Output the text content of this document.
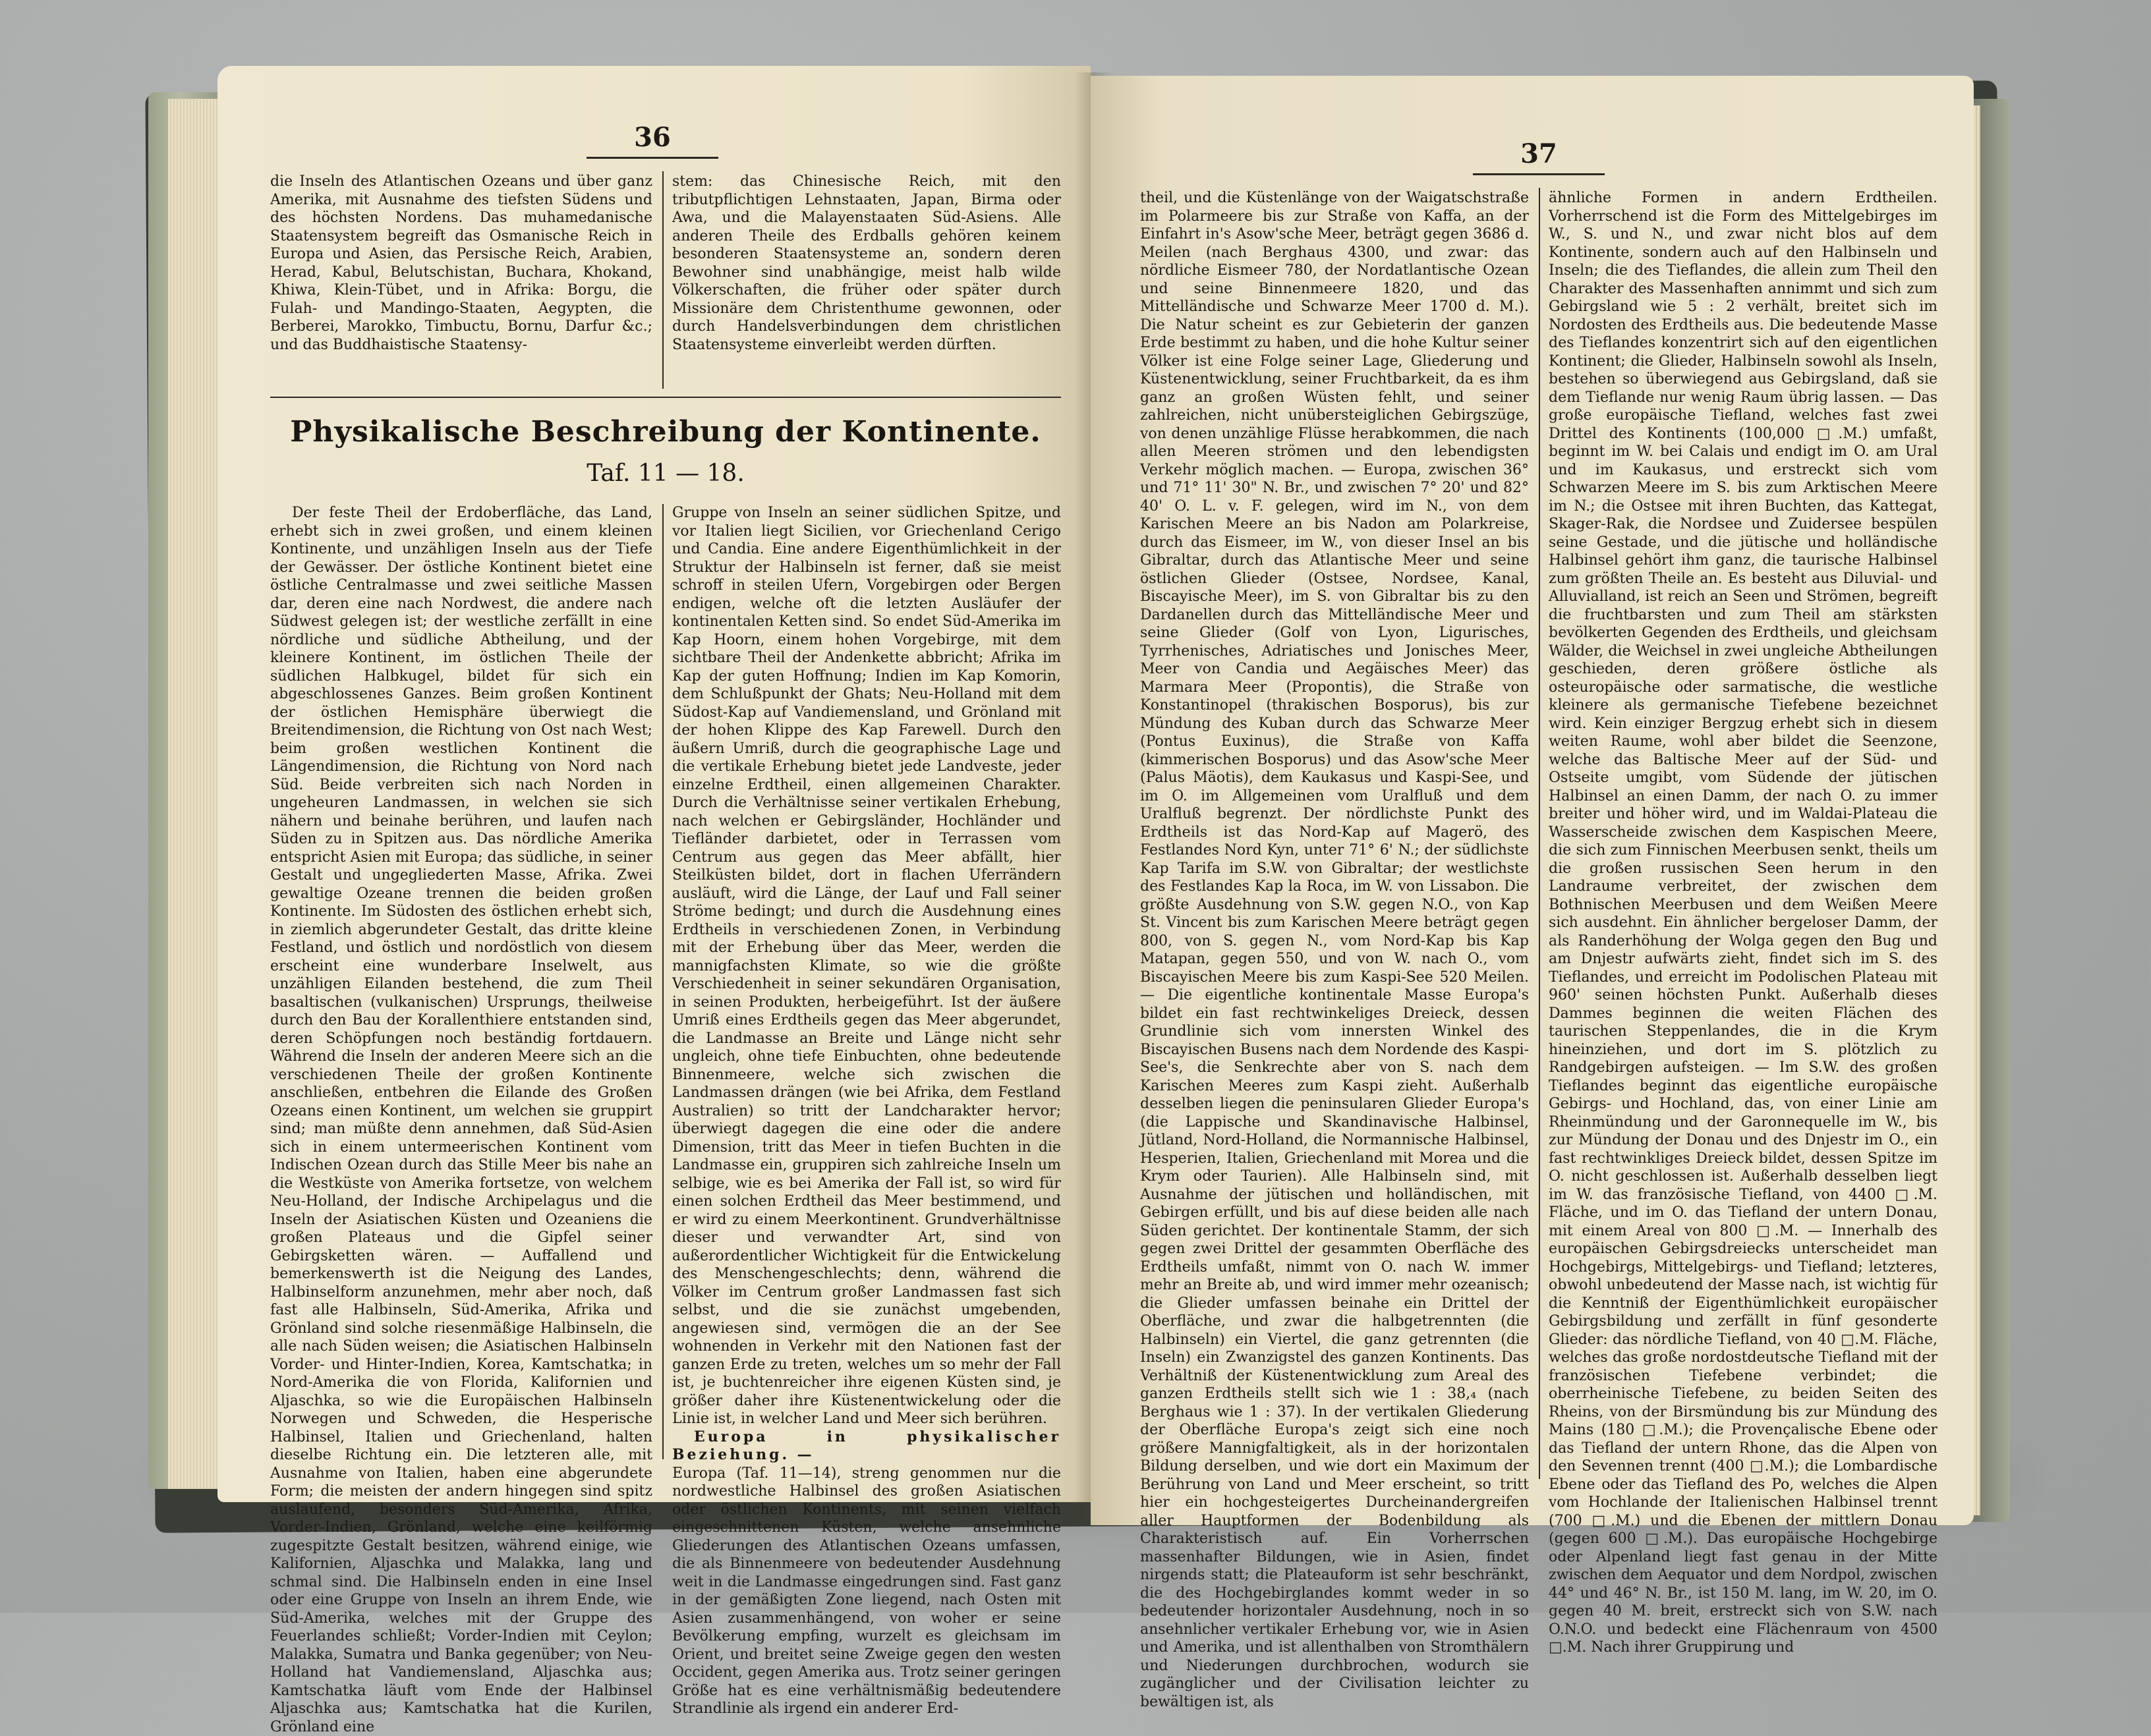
36

die Inseln des Atlantischen Ozeans und über ganz Amerika, mit Ausnahme des tiefsten Südens und des höchsten Nordens. Das muhamedanische Staatensystem begreift das Osmanische Reich in Europa und Asien, das Persische Reich, Arabien, Herad, Kabul, Belutschistan, Buchara, Khokand, Khiwa, Klein-Tübet, und in Afrika: Borgu, die Fulah- und Mandingo-Staaten, Aegypten, die Berberei, Marokko, Timbuctu, Bornu, Darfur &c.; und das Buddhaistische Staatensy-

stem: das Chinesische Reich, mit den tributpflichtigen Lehnstaaten, Japan, Birma oder Awa, und die Malayenstaaten Süd-Asiens. Alle anderen Theile des Erdballs gehören keinem besonderen Staatensysteme an, sondern deren Bewohner sind unabhängige, meist halb wilde Völkerschaften, die früher oder später durch Missionäre dem Christenthume gewonnen, oder durch Handelsverbindungen dem christlichen Staatensysteme einverleibt werden dürften.

Physikalische Beschreibung der Kontinente.
Taf. 11 — 18.

Der feste Theil der Erdoberfläche, das Land, erhebt sich in zwei großen, und einem kleinen Kontinente, und unzähligen Inseln aus der Tiefe der Gewässer. Der östliche Kontinent bietet eine östliche Centralmasse und zwei seitliche Massen dar, deren eine nach Nordwest, die andere nach Südwest gelegen ist; der westliche zerfällt in eine nördliche und südliche Abtheilung, und der kleinere Kontinent, im östlichen Theile der südlichen Halbkugel, bildet für sich ein abgeschlossenes Ganzes. Beim großen Kontinent der östlichen Hemisphäre überwiegt die Breitendimension, die Richtung von Ost nach West; beim großen westlichen Kontinent die Längendimension, die Richtung von Nord nach Süd. Beide verbreiten sich nach Norden in ungeheuren Landmassen, in welchen sie sich nähern und beinahe berühren, und laufen nach Süden zu in Spitzen aus. Das nördliche Amerika entspricht Asien mit Europa; das südliche, in seiner Gestalt und ungegliederten Masse, Afrika. Zwei gewaltige Ozeane trennen die beiden großen Kontinente. Im Südosten des östlichen erhebt sich, in ziemlich abgerundeter Gestalt, das dritte kleine Festland, und östlich und nordöstlich von diesem erscheint eine wunderbare Inselwelt, aus unzähligen Eilanden bestehend, die zum Theil basaltischen (vulkanischen) Ursprungs, theilweise durch den Bau der Korallenthiere entstanden sind, deren Schöpfungen noch beständig fortdauern. Während die Inseln der anderen Meere sich an die verschiedenen Theile der großen Kontinente anschließen, entbehren die Eilande des Großen Ozeans einen Kontinent, um welchen sie gruppirt sind; man müßte denn annehmen, daß Süd-Asien sich in einem untermeerischen Kontinent vom Indischen Ozean durch das Stille Meer bis nahe an die Westküste von Amerika fortsetze, von welchem Neu-Holland, der Indische Archipelagus und die Inseln der Asiatischen Küsten und Ozeaniens die großen Plateaus und die Gipfel seiner Gebirgsketten wären. — Auffallend und bemerkenswerth ist die Neigung des Landes, Halbinselform anzunehmen, mehr aber noch, daß fast alle Halbinseln, Süd-Amerika, Afrika und Grönland sind solche riesenmäßige Halbinseln, die alle nach Süden weisen; die Asiatischen Halbinseln Vorder- und Hinter-Indien, Korea, Kamtschatka; in Nord-Amerika die von Florida, Kalifornien und Aljaschka, so wie die Europäischen Halbinseln Norwegen und Schweden, die Hesperische Halbinsel, Italien und Griechenland, halten dieselbe Richtung ein. Die letzteren alle, mit Ausnahme von Italien, haben eine abgerundete Form; die meisten der andern hingegen sind spitz auslaufend, besonders Süd-Amerika, Afrika, Vorder-Indien, Grönland, welche eine keilförmig zugespitzte Gestalt besitzen, während einige, wie Kalifornien, Aljaschka und Malakka, lang und schmal sind. Die Halbinseln enden in eine Insel oder eine Gruppe von Inseln an ihrem Ende, wie Süd-Amerika, welches mit der Gruppe des Feuerlandes schließt; Vorder-Indien mit Ceylon; Malakka, Sumatra und Banka gegenüber; von Neu-Holland hat Vandiemensland, Aljaschka aus; Kamtschatka läuft vom Ende der Halbinsel Aljaschka aus; Kamtschatka hat die Kurilen, Grönland eine

Gruppe von Inseln an seiner südlichen Spitze, und vor Italien liegt Sicilien, vor Griechenland Cerigo und Candia. Eine andere Eigenthümlichkeit in der Struktur der Halbinseln ist ferner, daß sie meist schroff in steilen Ufern, Vorgebirgen oder Bergen endigen, welche oft die letzten Ausläufer der kontinentalen Ketten sind. So endet Süd-Amerika im Kap Hoorn, einem hohen Vorgebirge, mit dem sichtbare Theil der Andenkette abbricht; Afrika im Kap der guten Hoffnung; Indien im Kap Komorin, dem Schlußpunkt der Ghats; Neu-Holland mit dem Südost-Kap auf Vandiemensland, und Grönland mit der hohen Klippe des Kap Farewell. Durch den äußern Umriß, durch die geographische Lage und die vertikale Erhebung bietet jede Landveste, jeder einzelne Erdtheil, einen allgemeinen Charakter. Durch die Verhältnisse seiner vertikalen Erhebung, nach welchen er Gebirgsländer, Hochländer und Tiefländer darbietet, oder in Terrassen vom Centrum aus gegen das Meer abfällt, hier Steilküsten bildet, dort in flachen Uferrändern ausläuft, wird die Länge, der Lauf und Fall seiner Ströme bedingt; und durch die Ausdehnung eines Erdtheils in verschiedenen Zonen, in Verbindung mit der Erhebung über das Meer, werden die mannigfachsten Klimate, so wie die größte Verschiedenheit in seiner sekundären Organisation, in seinen Produkten, herbeigeführt. Ist der äußere Umriß eines Erdtheils gegen das Meer abgerundet, die Landmasse an Breite und Länge nicht sehr ungleich, ohne tiefe Einbuchten, ohne bedeutende Binnenmeere, welche sich zwischen die Landmassen drängen (wie bei Afrika, dem Festland Australien) so tritt der Landcharakter hervor; überwiegt dagegen die eine oder die andere Dimension, tritt das Meer in tiefen Buchten in die Landmasse ein, gruppiren sich zahlreiche Inseln um selbige, wie es bei Amerika der Fall ist, so wird für einen solchen Erdtheil das Meer bestimmend, und er wird zu einem Meerkontinent. Grundverhältnisse dieser und verwandter Art, sind von außerordentlicher Wichtigkeit für die Entwickelung des Menschengeschlechts; denn, während die Völker im Centrum großer Landmassen fast sich selbst, und die sie zunächst umgebenden, angewiesen sind, vermögen die an der See wohnenden in Verkehr mit den Nationen fast der ganzen Erde zu treten, welches um so mehr der Fall ist, je buchtenreicher ihre eigenen Küsten sind, je größer daher ihre Küstenentwickelung oder die Linie ist, in welcher Land und Meer sich berühren.

Europa in physikalischer Beziehung. —

Europa (Taf. 11—14), streng genommen nur die nordwestliche Halbinsel des großen Asiatischen oder östlichen Kontinents, mit seinen vielfach eingeschnittenen Küsten, welche ansehnliche Gliederungen des Atlantischen Ozeans umfassen, die als Binnenmeere von bedeutender Ausdehnung weit in die Landmasse eingedrungen sind. Fast ganz in der gemäßigten Zone liegend, nach Osten mit Asien zusammenhängend, von woher er seine Bevölkerung empfing, wurzelt es gleichsam im Orient, und breitet seine Zweige gegen den westen Occident, gegen Amerika aus. Trotz seiner geringen Größe hat es eine verhältnismäßig bedeutendere Strandlinie als irgend ein anderer Erd-

37

theil, und die Küstenlänge von der Waigatschstraße im Polarmeere bis zur Straße von Kaffa, an der Einfahrt in's Asow'sche Meer, beträgt gegen 3686 d. Meilen (nach Berghaus 4300, und zwar: das nördliche Eismeer 780, der Nordatlantische Ozean und seine Binnenmeere 1820, und das Mittelländische und Schwarze Meer 1700 d. M.). Die Natur scheint es zur Gebieterin der ganzen Erde bestimmt zu haben, und die hohe Kultur seiner Völker ist eine Folge seiner Lage, Gliederung und Küstenentwicklung, seiner Fruchtbarkeit, da es ihm ganz an großen Wüsten fehlt, und seiner zahlreichen, nicht unübersteiglichen Gebirgszüge, von denen unzählige Flüsse herabkommen, die nach allen Meeren strömen und den lebendigsten Verkehr möglich machen. — Europa, zwischen 36° und 71° 11' 30" N. Br., und zwischen 7° 20' und 82° 40' O. L. v. F. gelegen, wird im N., von dem Karischen Meere an bis Nadon am Polarkreise, durch das Eismeer, im W., von dieser Insel an bis Gibraltar, durch das Atlantische Meer und seine östlichen Glieder (Ostsee, Nordsee, Kanal, Biscayische Meer), im S. von Gibraltar bis zu den Dardanellen durch das Mittelländische Meer und seine Glieder (Golf von Lyon, Ligurisches, Tyrrhenisches, Adriatisches und Jonisches Meer, Meer von Candia und Aegäisches Meer) das Marmara Meer (Propontis), die Straße von Konstantinopel (thrakischen Bosporus), bis zur Mündung des Kuban durch das Schwarze Meer (Pontus Euxinus), die Straße von Kaffa (kimmerischen Bosporus) und das Asow'sche Meer (Palus Mäotis), dem Kaukasus und Kaspi-See, und im O. im Allgemeinen vom Uralfluß und dem Uralfluß begrenzt. Der nördlichste Punkt des Erdtheils ist das Nord-Kap auf Magerö, des Festlandes Nord Kyn, unter 71° 6' N.; der südlichste Kap Tarifa im S.W. von Gibraltar; der westlichste des Festlandes Kap la Roca, im W. von Lissabon. Die größte Ausdehnung von S.W. gegen N.O., von Kap St. Vincent bis zum Karischen Meere beträgt gegen 800, von S. gegen N., vom Nord-Kap bis Kap Matapan, gegen 550, und von W. nach O., vom Biscayischen Meere bis zum Kaspi-See 520 Meilen. — Die eigentliche kontinentale Masse Europa's bildet ein fast rechtwinkeliges Dreieck, dessen Grundlinie sich vom innersten Winkel des Biscayischen Busens nach dem Nordende des Kaspi-See's, die Senkrechte aber von S. nach dem Karischen Meeres zum Kaspi zieht. Außerhalb desselben liegen die peninsularen Glieder Europa's (die Lappische und Skandinavische Halbinsel, Jütland, Nord-Holland, die Normannische Halbinsel, Hesperien, Italien, Griechenland mit Morea und die Krym oder Taurien). Alle Halbinseln sind, mit Ausnahme der jütischen und holländischen, mit Gebirgen erfüllt, und bis auf diese beiden alle nach Süden gerichtet. Der kontinentale Stamm, der sich gegen zwei Drittel der gesammten Oberfläche des Erdtheils umfaßt, nimmt von O. nach W. immer mehr an Breite ab, und wird immer mehr ozeanisch; die Glieder umfassen beinahe ein Drittel der Oberfläche, und zwar die halbgetrennten (die Halbinseln) ein Viertel, die ganz getrennten (die Inseln) ein Zwanzigstel des ganzen Kontinents. Das Verhältniß der Küstenentwicklung zum Areal des ganzen Erdtheils stellt sich wie 1 : 38,₄ (nach Berghaus wie 1 : 37). In der vertikalen Gliederung der Oberfläche Europa's zeigt sich eine noch größere Mannigfaltigkeit, als in der horizontalen Bildung derselben, und wie dort ein Maximum der Berührung von Land und Meer erscheint, so tritt hier ein hochgesteigertes Durcheinandergreifen aller Hauptformen der Bodenbildung als Charakteristisch auf. Ein Vorherrschen massenhafter Bildungen, wie in Asien, findet nirgends statt; die Plateauform ist sehr beschränkt, die des Hochgebirglandes kommt weder in so bedeutender horizontaler Ausdehnung, noch in so ansehnlicher vertikaler Erhebung vor, wie in Asien und Amerika, und ist allenthalben von Stromthälern und Niederungen durchbrochen, wodurch sie zugänglicher und der Civilisation leichter zu bewältigen ist, als

ähnliche Formen in andern Erdtheilen. Vorherrschend ist die Form des Mittelgebirges im W., S. und N., und zwar nicht blos auf dem Kontinente, sondern auch auf den Halbinseln und Inseln; die des Tieflandes, die allein zum Theil den Charakter des Massenhaften annimmt und sich zum Gebirgsland wie 5 : 2 verhält, breitet sich im Nordosten des Erdtheils aus. Die bedeutende Masse des Tieflandes konzentrirt sich auf den eigentlichen Kontinent; die Glieder, Halbinseln sowohl als Inseln, bestehen so überwiegend aus Gebirgsland, daß sie dem Tieflande nur wenig Raum übrig lassen. — Das große europäische Tiefland, welches fast zwei Drittel des Kontinents (100,000 □.M.) umfaßt, beginnt im W. bei Calais und endigt im O. am Ural und im Kaukasus, und erstreckt sich vom Schwarzen Meere im S. bis zum Arktischen Meere im N.; die Ostsee mit ihren Buchten, das Kattegat, Skager-Rak, die Nordsee und Zuidersee bespülen seine Gestade, und die jütische und holländische Halbinsel gehört ihm ganz, die taurische Halbinsel zum größten Theile an. Es besteht aus Diluvial- und Alluvialland, ist reich an Seen und Strömen, begreift die fruchtbarsten und zum Theil am stärksten bevölkerten Gegenden des Erdtheils, und gleichsam Wälder, die Weichsel in zwei ungleiche Abtheilungen geschieden, deren größere östliche als osteuropäische oder sarmatische, die westliche kleinere als germanische Tiefebene bezeichnet wird. Kein einziger Bergzug erhebt sich in diesem weiten Raume, wohl aber bildet die Seenzone, welche das Baltische Meer auf der Süd- und Ostseite umgibt, vom Südende der jütischen Halbinsel an einen Damm, der nach O. zu immer breiter und höher wird, und im Waldai-Plateau die Wasserscheide zwischen dem Kaspischen Meere, die sich zum Finnischen Meerbusen senkt, theils um die großen russischen Seen herum in den Landraume verbreitet, der zwischen dem Bothnischen Meerbusen und dem Weißen Meere sich ausdehnt. Ein ähnlicher bergeloser Damm, der als Randerhöhung der Wolga gegen den Bug und am Dnjestr aufwärts zieht, findet sich im S. des Tieflandes, und erreicht im Podolischen Plateau mit 960' seinen höchsten Punkt. Außerhalb dieses Dammes beginnen die weiten Flächen des taurischen Steppenlandes, die in die Krym hineinziehen, und dort im S. plötzlich zu Randgebirgen aufsteigen. — Im S.W. des großen Tieflandes beginnt das eigentliche europäische Gebirgs- und Hochland, das, von einer Linie am Rheinmündung und der Garonnequelle im W., bis zur Mündung der Donau und des Dnjestr im O., ein fast rechtwinkliges Dreieck bildet, dessen Spitze im O. nicht geschlossen ist. Außerhalb desselben liegt im W. das französische Tiefland, von 4400 □.M. Fläche, und im O. das Tiefland der untern Donau, mit einem Areal von 800 □.M. — Innerhalb des europäischen Gebirgsdreiecks unterscheidet man Hochgebirgs, Mittelgebirgs- und Tiefland; letzteres, obwohl unbedeutend der Masse nach, ist wichtig für die Kenntniß der Eigenthümlichkeit europäischer Gebirgsbildung und zerfällt in fünf gesonderte Glieder: das nördliche Tiefland, von 40 □.M. Fläche, welches das große nordostdeutsche Tiefland mit der französischen Tiefebene verbindet; die oberrheinische Tiefebene, zu beiden Seiten des Rheins, von der Birsmündung bis zur Mündung des Mains (180 □.M.); die Provençalische Ebene oder das Tiefland der untern Rhone, das die Alpen von den Sevennen trennt (400 □.M.); die Lombardische Ebene oder das Tiefland des Po, welches die Alpen vom Hochlande der Italienischen Halbinsel trennt (700 □.M.) und die Ebenen der mittlern Donau (gegen 600 □.M.). Das europäische Hochgebirge oder Alpenland liegt fast genau in der Mitte zwischen dem Aequator und dem Nordpol, zwischen 44° und 46° N. Br., ist 150 M. lang, im W. 20, im O. gegen 40 M. breit, erstreckt sich von S.W. nach O.N.O. und bedeckt eine Flächenraum von 4500 □.M. Nach ihrer Gruppirung und
